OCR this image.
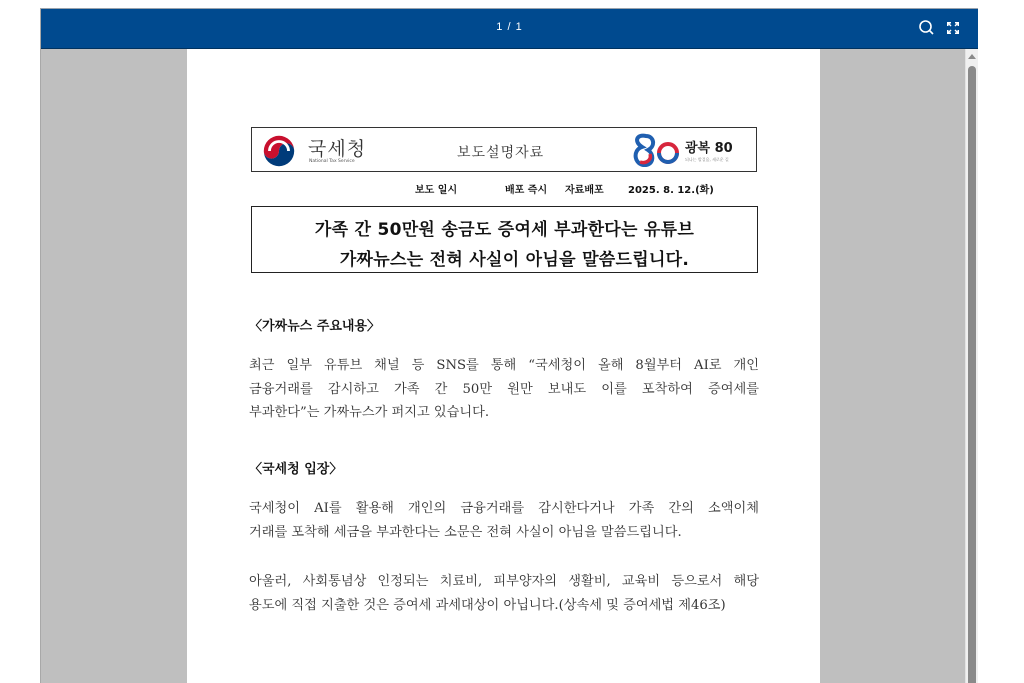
1 / 1
국세청
National Tax Service
보도설명자료	광복 80
되나는 발걸음, 새로운 길
보도 일시	배포 즉시 자료배포 2025. 8. 12.(화)
가족 간 50만원 송금도 증여세 부과한다는 유튜브
가짜뉴스는 전혀 사실이 아님을 말씀드립니다.
〈가짜뉴스 주요내용〉
최근 일부 유튜브 채널 등 SNS를 통해 “국세청이 올해 8월부터 AI로 개인
금융거래를 감시하고 가족 간 50만 원만 보내도 이를 포착하여 증여세를
부과한다”는 가짜뉴스가 퍼지고 있습니다.
〈국세청 입장〉
국세청이 AI를 활용해 개인의 금융거래를 감시한다거나 가족 간의 소액이체
거래를 포착해 세금을 부과한다는 소문은 전혀 사실이 아님을 말씀드립니다.
아울러, 사회통념상 인정되는 치료비, 피부양자의 생활비, 교육비 등으로서 해당
용도에 직접 지출한 것은 증여세 과세대상이 아닙니다.(상속세 및 증여세법 제46조)
